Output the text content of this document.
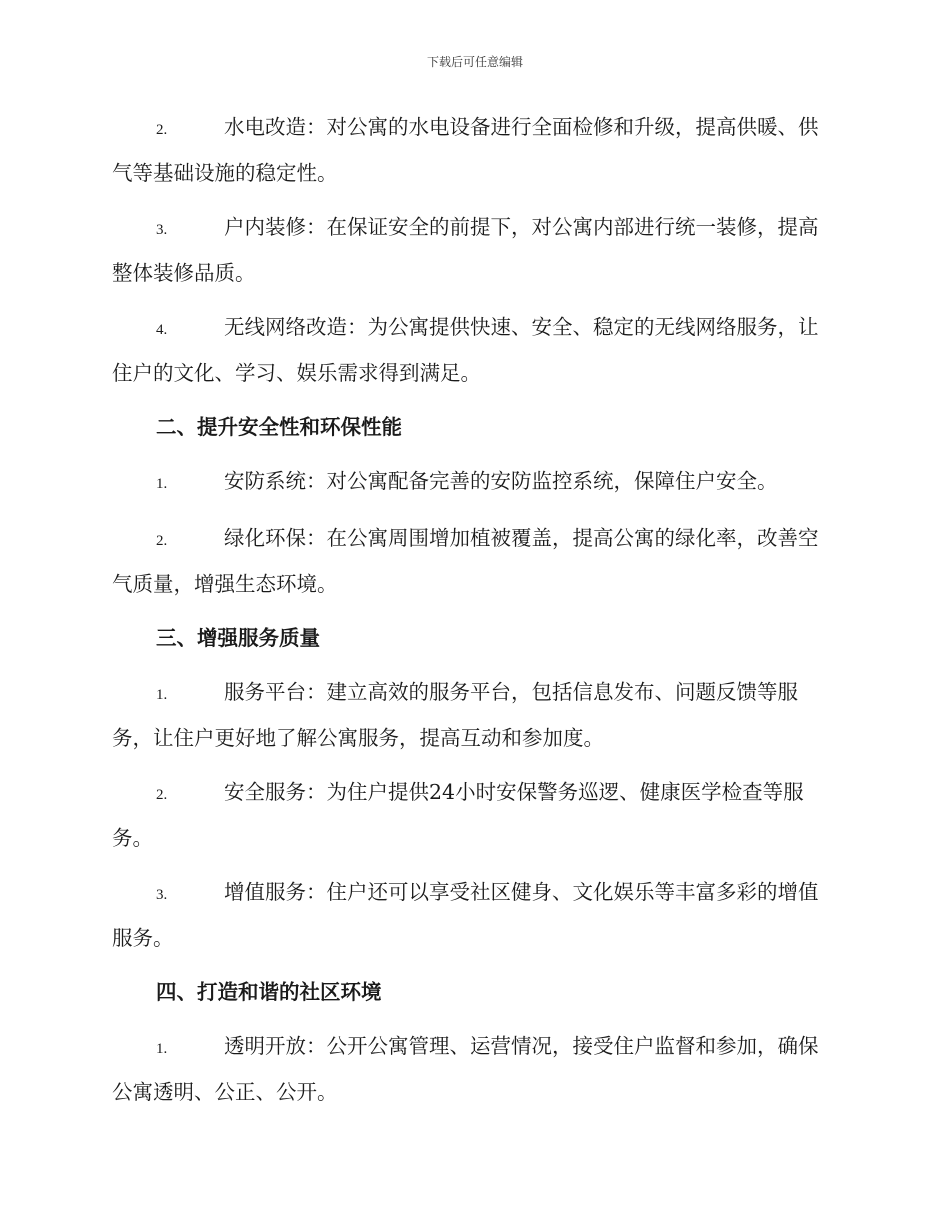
下载后可任意编辑

2.	水电改造：对公寓的水电设备进行全面检修和升级，提高供暖、供气等基础设施的稳定性。

3.	户内装修：在保证安全的前提下，对公寓内部进行统一装修，提高整体装修品质。

4.	无线网络改造：为公寓提供快速、安全、稳定的无线网络服务，让住户的文化、学习、娱乐需求得到满足。

二、提升安全性和环保性能

1.	安防系统：对公寓配备完善的安防监控系统，保障住户安全。

2.	绿化环保：在公寓周围增加植被覆盖，提高公寓的绿化率，改善空气质量，增强生态环境。

三、增强服务质量

1.	服务平台：建立高效的服务平台，包括信息发布、问题反馈等服务，让住户更好地了解公寓服务，提高互动和参加度。

2.	安全服务：为住户提供24小时安保警务巡逻、健康医学检查等服务。

3.	增值服务：住户还可以享受社区健身、文化娱乐等丰富多彩的增值服务。

四、打造和谐的社区环境

1.	透明开放：公开公寓管理、运营情况，接受住户监督和参加，确保公寓透明、公正、公开。
